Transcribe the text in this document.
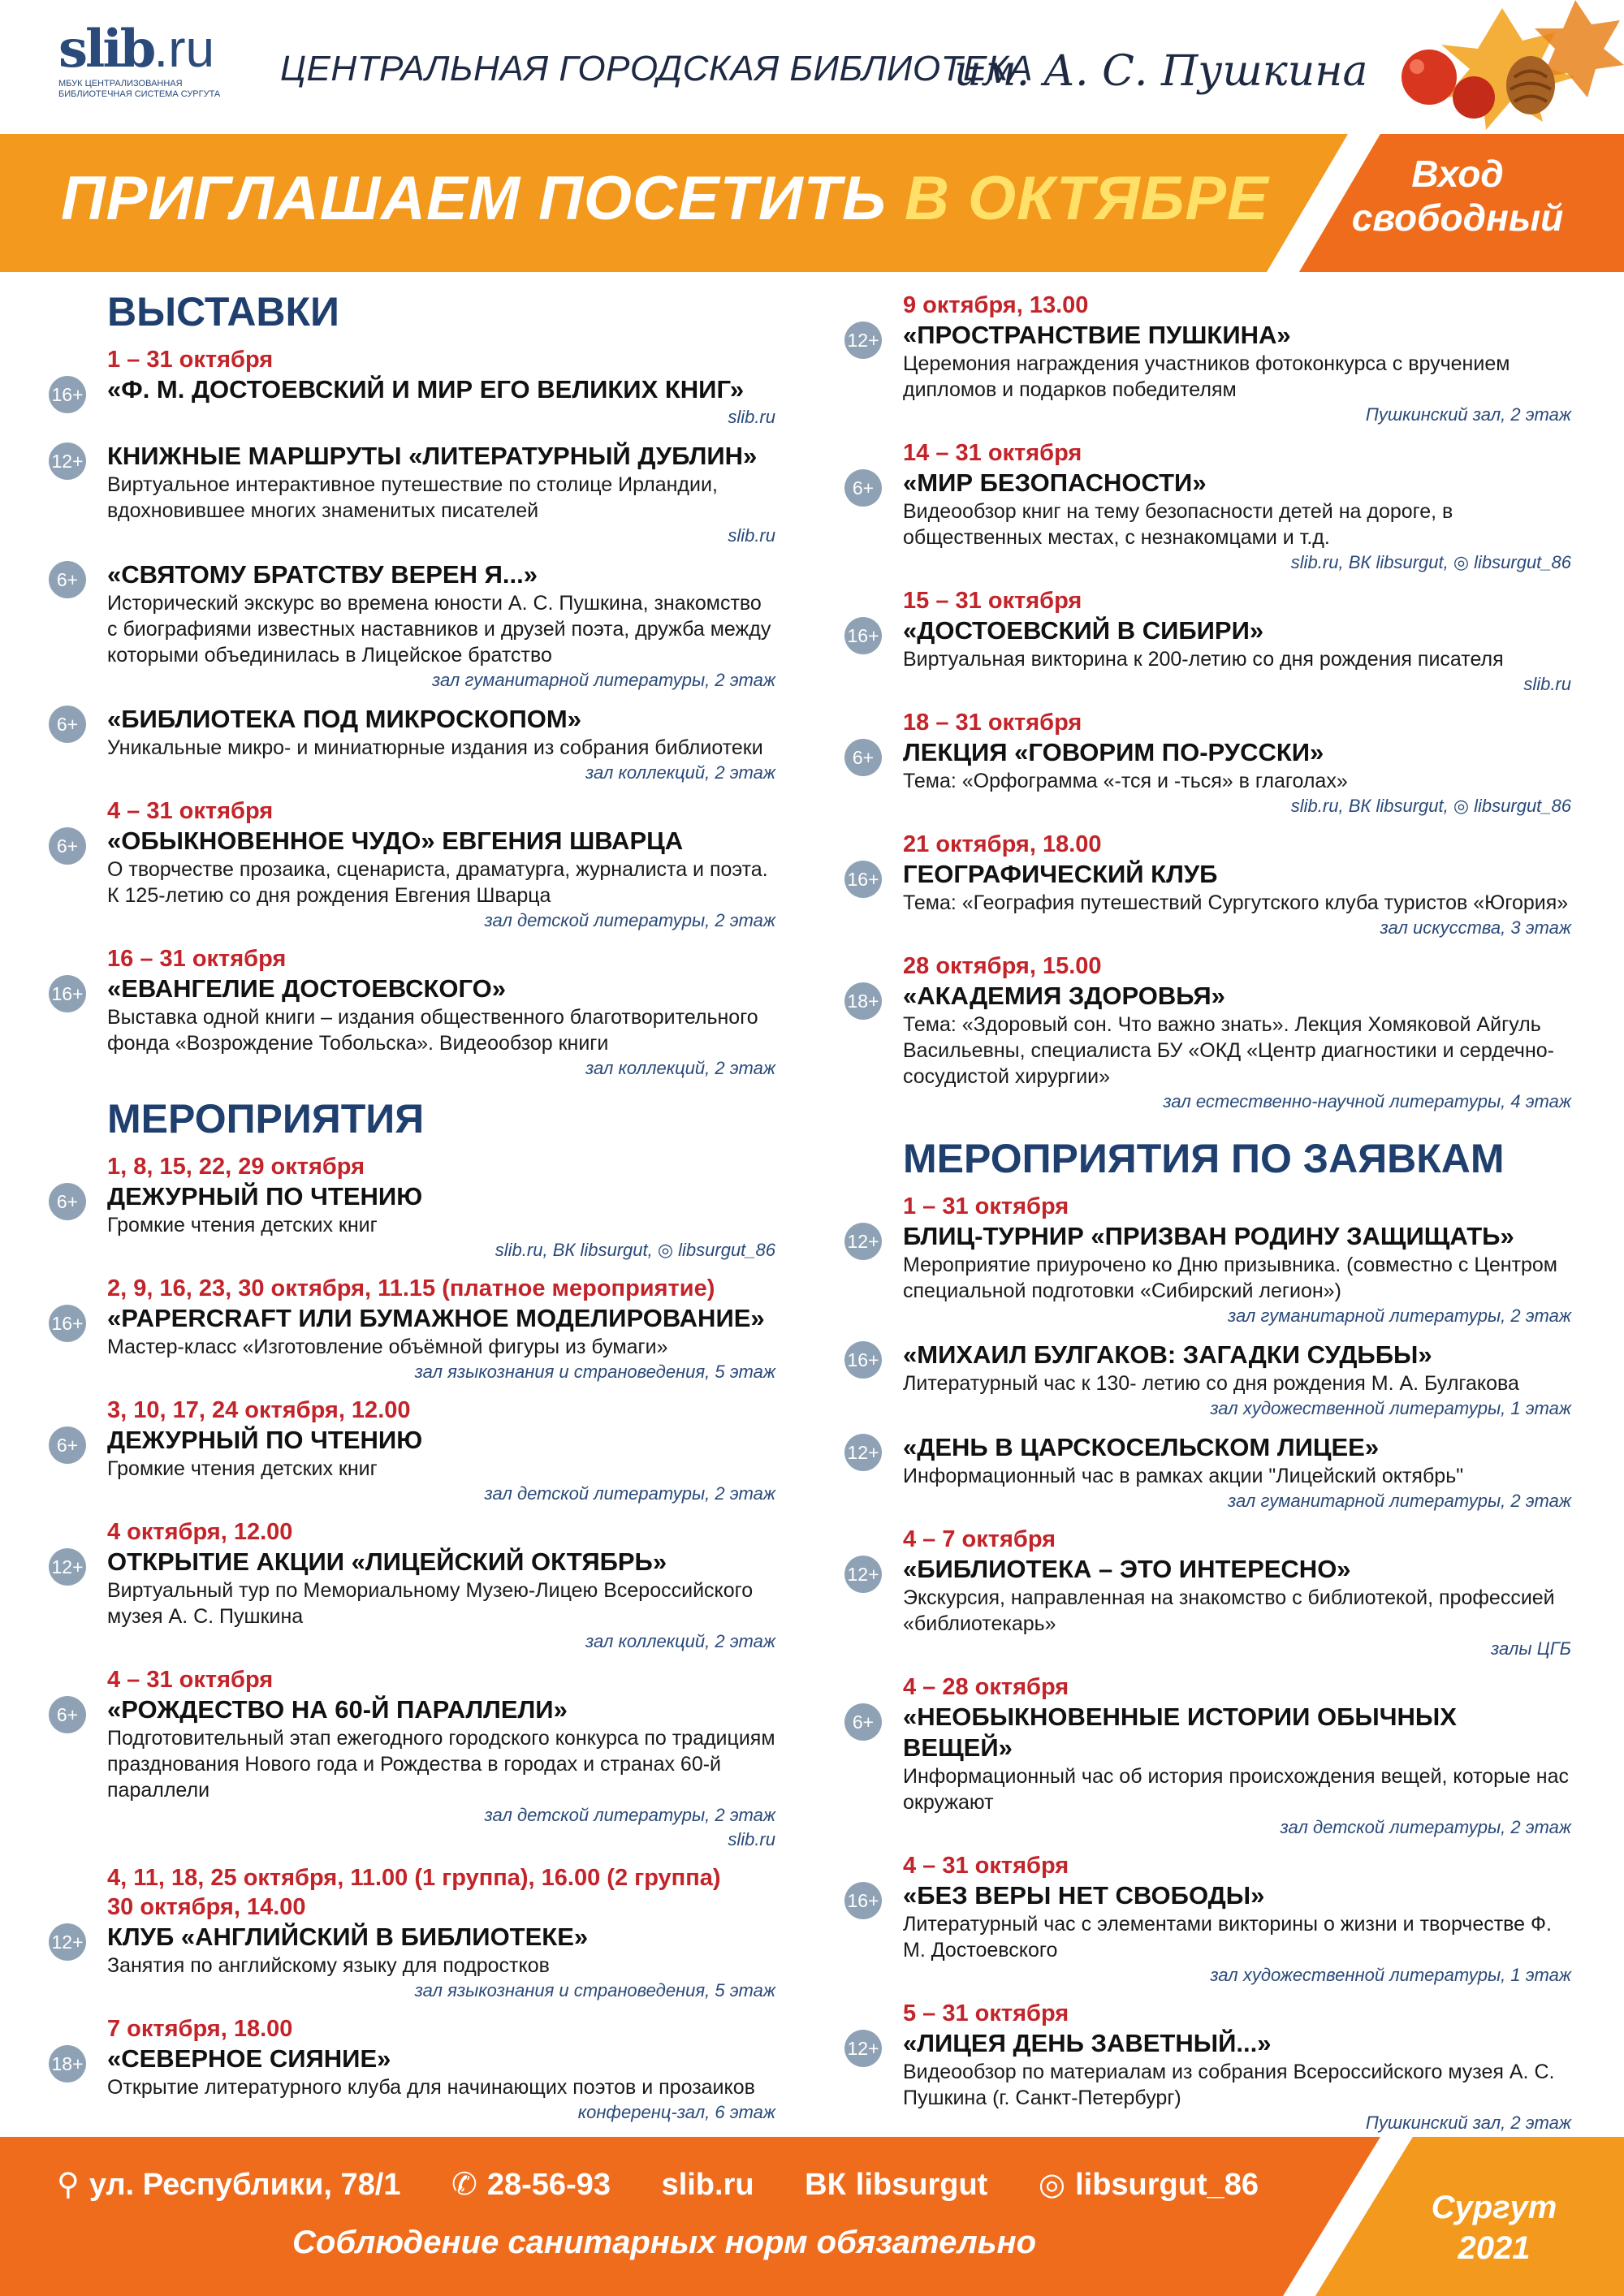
slib.ru
МБУК ЦЕНТРАЛИЗОВАННАЯ БИБЛИОТЕЧНАЯ СИСТЕМА СУРГУТА
ЦЕНТРАЛЬНАЯ ГОРОДСКАЯ БИБЛИОТЕКА
им. А. С. Пушкина
ПРИГЛАШАЕМ ПОСЕТИТЬ В ОКТЯБРЕ	Вход
свободный
ВЫСТАВКИ
16+
1 – 31 октября
«Ф. М. ДОСТОЕВСКИЙ И МИР ЕГО ВЕЛИКИХ КНИГ»
slib.ru
12+ КНИЖНЫЕ МАРШРУТЫ «ЛИТЕРАТУРНЫЙ ДУБЛИН»
Виртуальное интерактивное путешествие по столице Ирландии, вдохновившее многих знаменитых писателей
slib.ru
6+	«СВЯТОМУ БРАТСТВУ ВЕРЕН Я...»
Исторический экскурс во времена юности А. С. Пушкина, знакомство с биографиями известных наставников и друзей поэта, дружба между которыми объединилась в Лицейское братство
зал гуманитарной литературы, 2 этаж
6+	«БИБЛИОТЕКА ПОД МИКРОСКОПОМ»
Уникальные микро- и миниатюрные издания из собрания библиотеки
зал коллекций, 2 этаж
6+
4 – 31 октября
«ОБЫКНОВЕННОЕ ЧУДО» ЕВГЕНИЯ ШВАРЦА
О творчестве прозаика, сценариста, драматурга, журналиста и поэта. К 125-летию со дня рождения Евгения Шварца
зал детской литературы, 2 этаж
16+
16 – 31 октября
«ЕВАНГЕЛИЕ ДОСТОЕВСКОГО»
Выставка одной книги – издания общественного благотворительного фонда «Возрождение Тобольска». Видеообзор книги
зал коллекций, 2 этаж
МЕРОПРИЯТИЯ
6+
1, 8, 15, 22, 29 октября
ДЕЖУРНЫЙ ПО ЧТЕНИЮ
Громкие чтения детских книг
slib.ru, ВК libsurgut, ◎ libsurgut_86
16+
2, 9, 16, 23, 30 октября, 11.15 (платное мероприятие)
«PAPERCRAFT ИЛИ БУМАЖНОЕ МОДЕЛИРОВАНИЕ»
Мастер-класс «Изготовление объёмной фигуры из бумаги»
зал языкознания и страноведения, 5 этаж
6+
3, 10, 17, 24 октября, 12.00
ДЕЖУРНЫЙ ПО ЧТЕНИЮ
Громкие чтения детских книг
зал детской литературы, 2 этаж
12+
4 октября, 12.00
ОТКРЫТИЕ АКЦИИ «ЛИЦЕЙСКИЙ ОКТЯБРЬ»
Виртуальный тур по Мемориальному Музею-Лицею Всероссийского музея А. С. Пушкина
зал коллекций, 2 этаж
6+
4 – 31 октября
«РОЖДЕСТВО НА 60-Й ПАРАЛЛЕЛИ»
Подготовительный этап ежегодного городского конкурса по традициям празднования Нового года и Рождества в городах и странах 60-й параллели
зал детской литературы, 2 этаж
slib.ru
12+
4, 11, 18, 25 октября, 11.00 (1 группа), 16.00 (2 группа)
30 октября, 14.00
КЛУБ «АНГЛИЙСКИЙ В БИБЛИОТЕКЕ»
Занятия по английскому языку для подростков
зал языкознания и страноведения, 5 этаж
18+
7 октября, 18.00
«СЕВЕРНОЕ СИЯНИЕ»
Открытие литературного клуба для начинающих поэтов и прозаиков
конференц-зал, 6 этаж
12+
9 октября, 13.00
«ПРОСТРАНСТВИЕ ПУШКИНА»
Церемония награждения участников фотоконкурса с вручением дипломов и подарков победителям
Пушкинский зал, 2 этаж
6+
14 – 31 октября
«МИР БЕЗОПАСНОСТИ»
Видеообзор книг на тему безопасности детей на дороге, в общественных местах, с незнакомцами и т.д.
slib.ru, ВК libsurgut, ◎ libsurgut_86
16+
15 – 31 октября
«ДОСТОЕВСКИЙ В СИБИРИ»
Виртуальная викторина к 200-летию со дня рождения писателя
slib.ru
6+
18 – 31 октября
ЛЕКЦИЯ «ГОВОРИМ ПО-РУССКИ»
Тема: «Орфограмма «-тся и -ться» в глаголах»
slib.ru, ВК libsurgut, ◎ libsurgut_86
16+
21 октября, 18.00
ГЕОГРАФИЧЕСКИЙ КЛУБ
Тема: «География путешествий Сургутского клуба туристов «Югория»
зал искусства, 3 этаж
18+
28 октября, 15.00
«АКАДЕМИЯ ЗДОРОВЬЯ»
Тема: «Здоровый сон. Что важно знать». Лекция Хомяковой Айгуль Васильевны, специалиста БУ «ОКД «Центр диагностики и сердечно-сосудистой хирургии»
зал естественно-научной литературы, 4 этаж
МЕРОПРИЯТИЯ ПО ЗАЯВКАМ
12+
1 – 31 октября
БЛИЦ-ТУРНИР «ПРИЗВАН РОДИНУ ЗАЩИЩАТЬ»
Мероприятие приурочено ко Дню призывника. (совместно с Центром специальной подготовки «Сибирский легион»)
зал гуманитарной литературы, 2 этаж
16+ «МИХАИЛ БУЛГАКОВ: ЗАГАДКИ СУДЬБЫ»
Литературный час к 130- летию со дня рождения М. А. Булгакова
зал художественной литературы, 1 этаж
12+ «ДЕНЬ В ЦАРСКОСЕЛЬСКОМ ЛИЦЕЕ»
Информационный час в рамках акции "Лицейский октябрь"
зал гуманитарной литературы, 2 этаж
12+
4 – 7 октября
«БИБЛИОТЕКА – ЭТО ИНТЕРЕСНО»
Экскурсия, направленная на знакомство с библиотекой, профессией «библиотекарь»
залы ЦГБ
6+
4 – 28 октября
«НЕОБЫКНОВЕННЫЕ ИСТОРИИ ОБЫЧНЫХ ВЕЩЕЙ»
Информационный час об история происхождения вещей, которые нас окружают
зал детской литературы, 2 этаж
16+
4 – 31 октября
«БЕЗ ВЕРЫ НЕТ СВОБОДЫ»
Литературный час с элементами викторины о жизни и творчестве Ф. М. Достоевского
зал художественной литературы, 1 этаж
12+
5 – 31 октября
«ЛИЦЕЯ ДЕНЬ ЗАВЕТНЫЙ...»
Видеообзор по материалам из собрания Всероссийского музея А. С. Пушкина (г. Санкт-Петербург)
Пушкинский зал, 2 этаж
⚲ ул. Республики, 78/1 ✆ 28-56-93 slib.ru ВК libsurgut ◎ libsurgut_86
Соблюдение санитарных норм обязательно
Сургут
2021
